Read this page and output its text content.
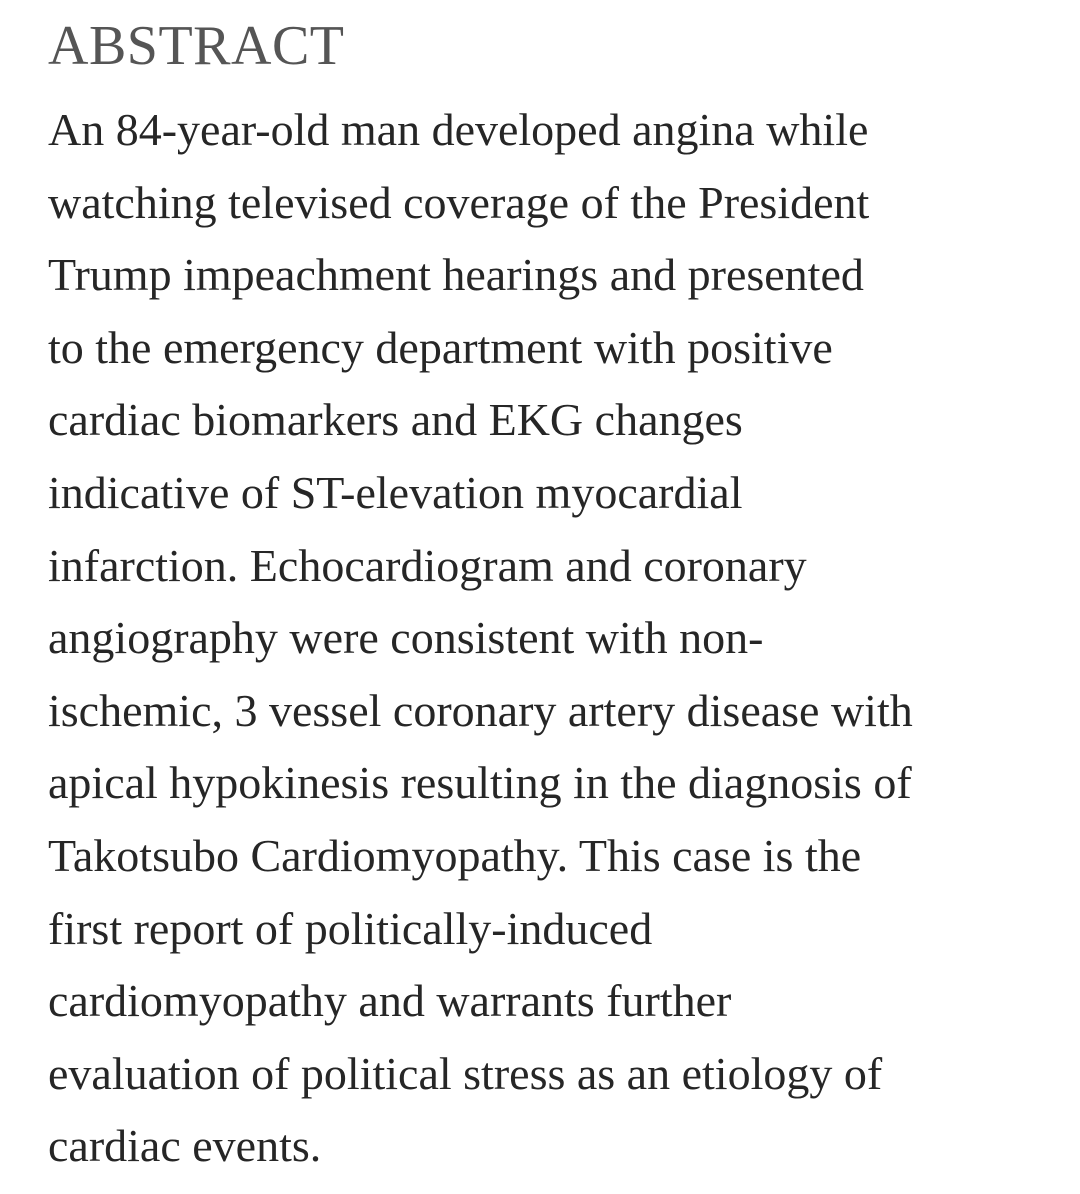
ABSTRACT

An 84-year-old man developed angina while
watching televised coverage of the President
Trump impeachment hearings and presented
to the emergency department with positive
cardiac biomarkers and EKG changes
indicative of ST-elevation myocardial
infarction. Echocardiogram and coronary
angiography were consistent with non-
ischemic, 3 vessel coronary artery disease with
apical hypokinesis resulting in the diagnosis of
Takotsubo Cardiomyopathy. This case is the
first report of politically-induced
cardiomyopathy and warrants further
evaluation of political stress as an etiology of
cardiac events.
